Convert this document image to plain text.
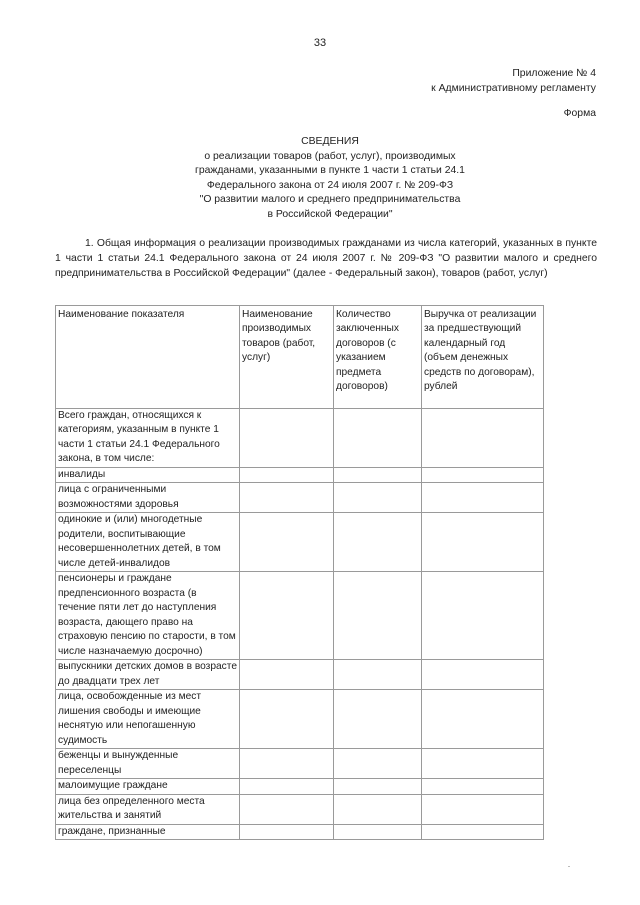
33
Приложение № 4
к Административному регламенту
Форма
СВЕДЕНИЯ
о реализации товаров (работ, услуг), производимых
гражданами, указанными в пункте 1 части 1 статьи 24.1
Федерального закона от 24 июля 2007 г. № 209-ФЗ
"О развитии малого и среднего предпринимательства
в Российской Федерации"
1. Общая информация о реализации производимых гражданами из числа категорий, указанных в пункте 1 части 1 статьи 24.1 Федерального закона от 24 июля 2007 г. № 209-ФЗ "О развитии малого и среднего предпринимательства в Российской Федерации" (далее - Федеральный закон), товаров (работ, услуг)
Наименование показателя	Наименование производимых товаров (работ, услуг)	Количество заключенных договоров (с указанием предмета договоров)	Выручка от реализации за предшествующий календарный год (объем денежных средств по договорам), рублей
Всего граждан, относящихся к категориям, указанным в пункте 1 части 1 статьи 24.1 Федерального закона, в том числе:			
инвалиды			
лица с ограниченными возможностями здоровья			
одинокие и (или) многодетные родители, воспитывающие несовершеннолетних детей, в том числе детей-инвалидов			
пенсионеры и граждане предпенсионного возраста (в течение пяти лет до наступления возраста, дающего право на страховую пенсию по старости, в том числе назначаемую досрочно)			
выпускники детских домов в возрасте до двадцати трех лет			
лица, освобожденные из мест лишения свободы и имеющие неснятую или непогашенную судимость			
беженцы и вынужденные переселенцы			
малоимущие граждане			
лица без определенного места жительства и занятий			
граждане, признанные			
